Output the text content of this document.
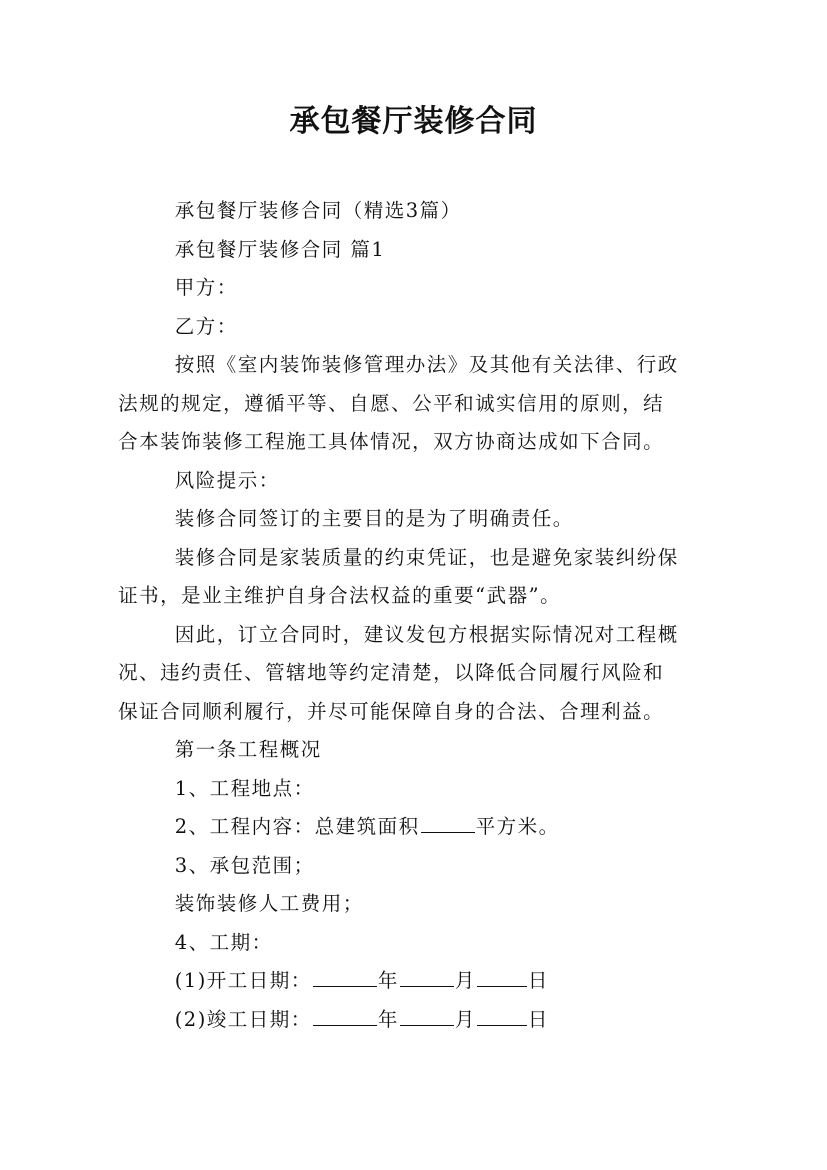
承包餐厅装修合同

承包餐厅装修合同（精选3篇）

承包餐厅装修合同 篇1

甲方：

乙方：

按照《室内装饰装修管理办法》及其他有关法律、行政
法规的规定，遵循平等、自愿、公平和诚实信用的原则，结
合本装饰装修工程施工具体情况，双方协商达成如下合同。

风险提示：

装修合同签订的主要目的是为了明确责任。

装修合同是家装质量的约束凭证，也是避免家装纠纷保
证书，是业主维护自身合法权益的重要“武器”。
因此，订立合同时，建议发包方根据实际情况对工程概
况、违约责任、管辖地等约定清楚，以降低合同履行风险和
保证合同顺利履行，并尽可能保障自身的合法、合理利益。

第一条工程概况

1、工程地点：

2、工程内容：总建筑面积	平方米。

3、承包范围；

装饰装修人工费用；

4、工期：

(1)开工日期：	年	月	日

(2)竣工日期：	年	月	日
